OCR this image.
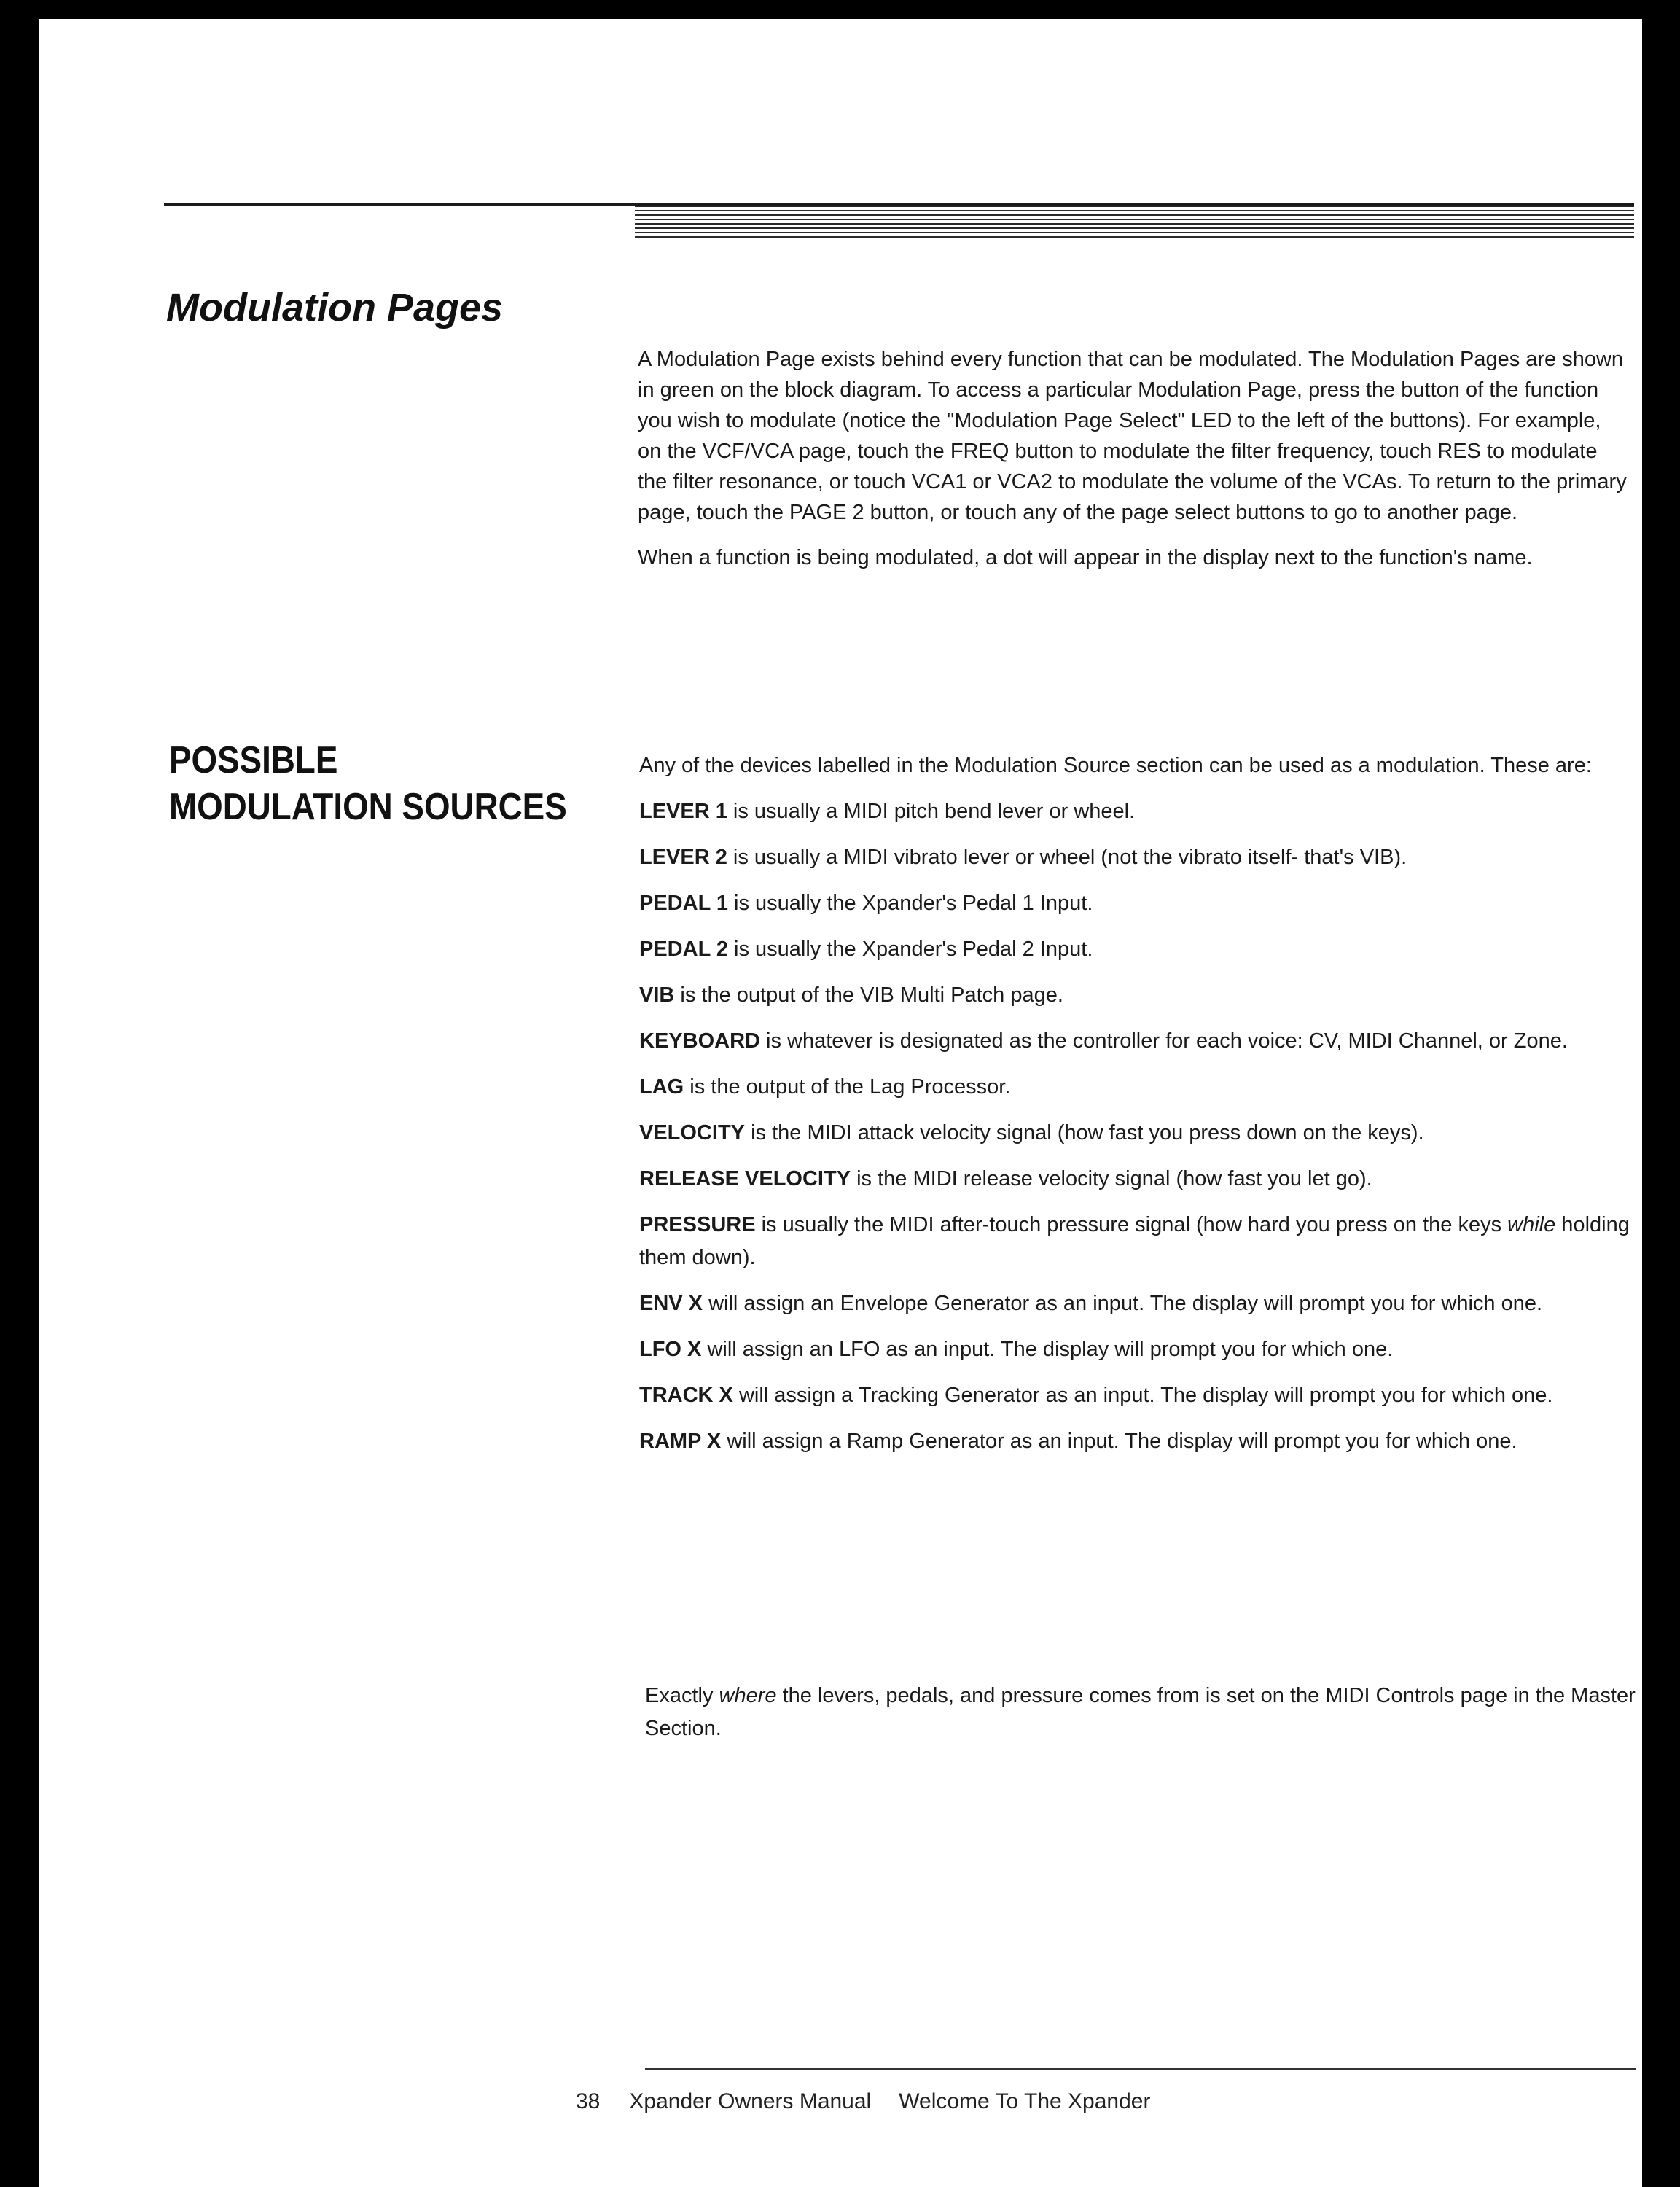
Modulation Pages

A Modulation Page exists behind every function that can be modulated. The Modulation Pages are shown in green on the block diagram. To access a particular Modulation Page, press the button of the function you wish to modulate (notice the "Modulation Page Select" LED to the left of the buttons). For example, on the VCF/VCA page, touch the FREQ button to modulate the filter frequency, touch RES to modulate the filter resonance, or touch VCA1 or VCA2 to modulate the volume of the VCAs. To return to the primary page, touch the PAGE 2 button, or touch any of the page select buttons to go to another page.

When a function is being modulated, a dot will appear in the display next to the function's name.

POSSIBLE
MODULATION SOURCES

Any of the devices labelled in the Modulation Source section can be used as a modulation. These are:

LEVER 1 is usually a MIDI pitch bend lever or wheel.
LEVER 2 is usually a MIDI vibrato lever or wheel (not the vibrato itself- that's VIB).
PEDAL 1 is usually the Xpander's Pedal 1 Input.
PEDAL 2 is usually the Xpander's Pedal 2 Input.
VIB is the output of the VIB Multi Patch page.
KEYBOARD is whatever is designated as the controller for each voice: CV, MIDI Channel, or Zone.
LAG is the output of the Lag Processor.
VELOCITY is the MIDI attack velocity signal (how fast you press down on the keys).
RELEASE VELOCITY is the MIDI release velocity signal (how fast you let go).
PRESSURE is usually the MIDI after-touch pressure signal (how hard you press on the keys while holding them down).
ENV X will assign an Envelope Generator as an input. The display will prompt you for which one.
LFO X will assign an LFO as an input. The display will prompt you for which one.
TRACK X will assign a Tracking Generator as an input. The display will prompt you for which one.
RAMP X will assign a Ramp Generator as an input. The display will prompt you for which one.

Exactly where the levers, pedals, and pressure comes from is set on the MIDI Controls page in the Master Section.

38 Xpander Owners Manual Welcome To The Xpander
